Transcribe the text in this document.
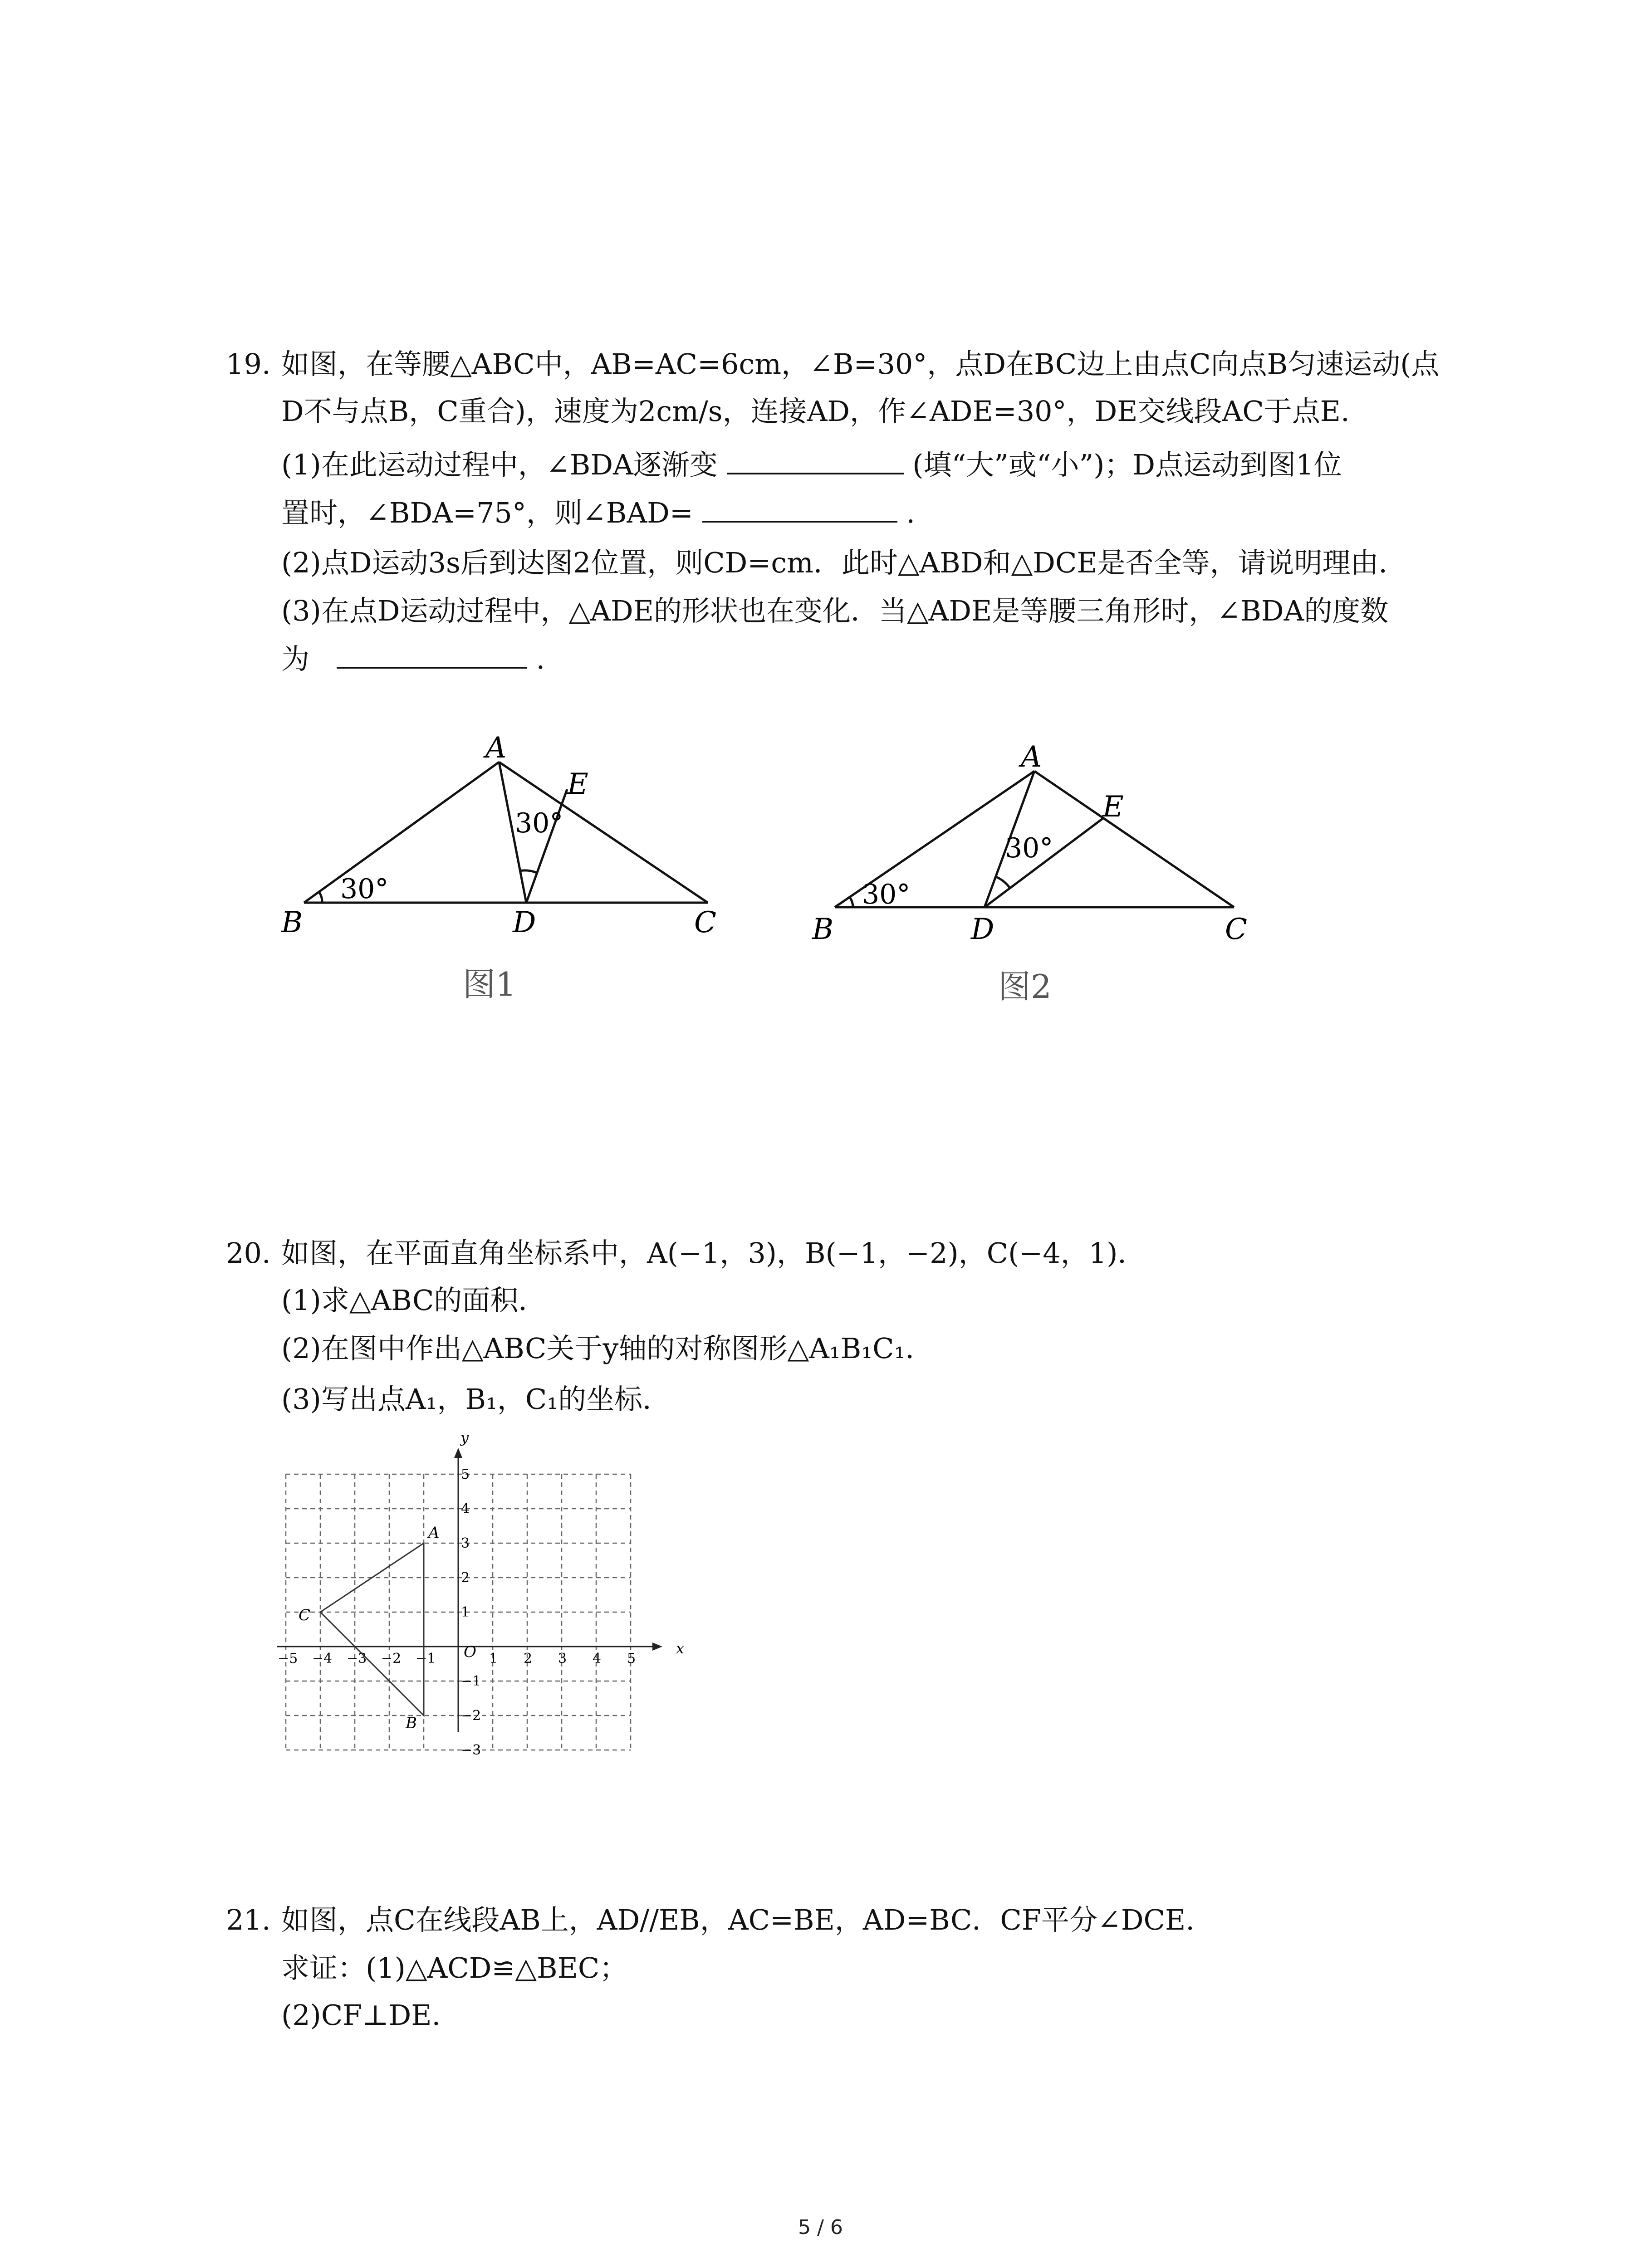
19. 如图，在等腰△ABC中，AB=AC=6cm，∠B=30°，点D在BC边上由点C向点B匀速运动(点
D不与点B，C重合)，速度为2cm/s，连接AD，作∠ADE=30°，DE交线段AC于点E.
(1)在此运动过程中，∠BDA逐渐变	(填“大”或“小”)；D点运动到图1位
置时，∠BDA=75°，则∠BAD=	.
(2)点D运动3s后到达图2位置，则CD=cm．此时△ABD和△DCE是否全等，请说明理由．
(3)在点D运动过程中，△ADE的形状也在变化．当△ADE是等腰三角形时，∠BDA的度数
为	.
A
B	C
D
E
30°
30°
图1
A
B	C
D
E
30°
30°
图2
20. 如图，在平面直角坐标系中，A(−1，3)，B(−1，−2)，C(−4，1)．
(1)求△ABC的面积．
(2)在图中作出△ABC关于y轴的对称图形△A₁B₁C₁．
(3)写出点A₁，B₁，C₁的坐标．
−5 −4 −3 −2 −1	1 2 3 4 5
5
4
3
2
1
−1
−2
−3
A
B
C
x
y
O
21. 如图，点C在线段AB上，AD//EB，AC=BE，AD=BC．CF平分∠DCE.
求证：(1)△ACD≌△BEC；
(2)CF⊥DE.
5 / 6
